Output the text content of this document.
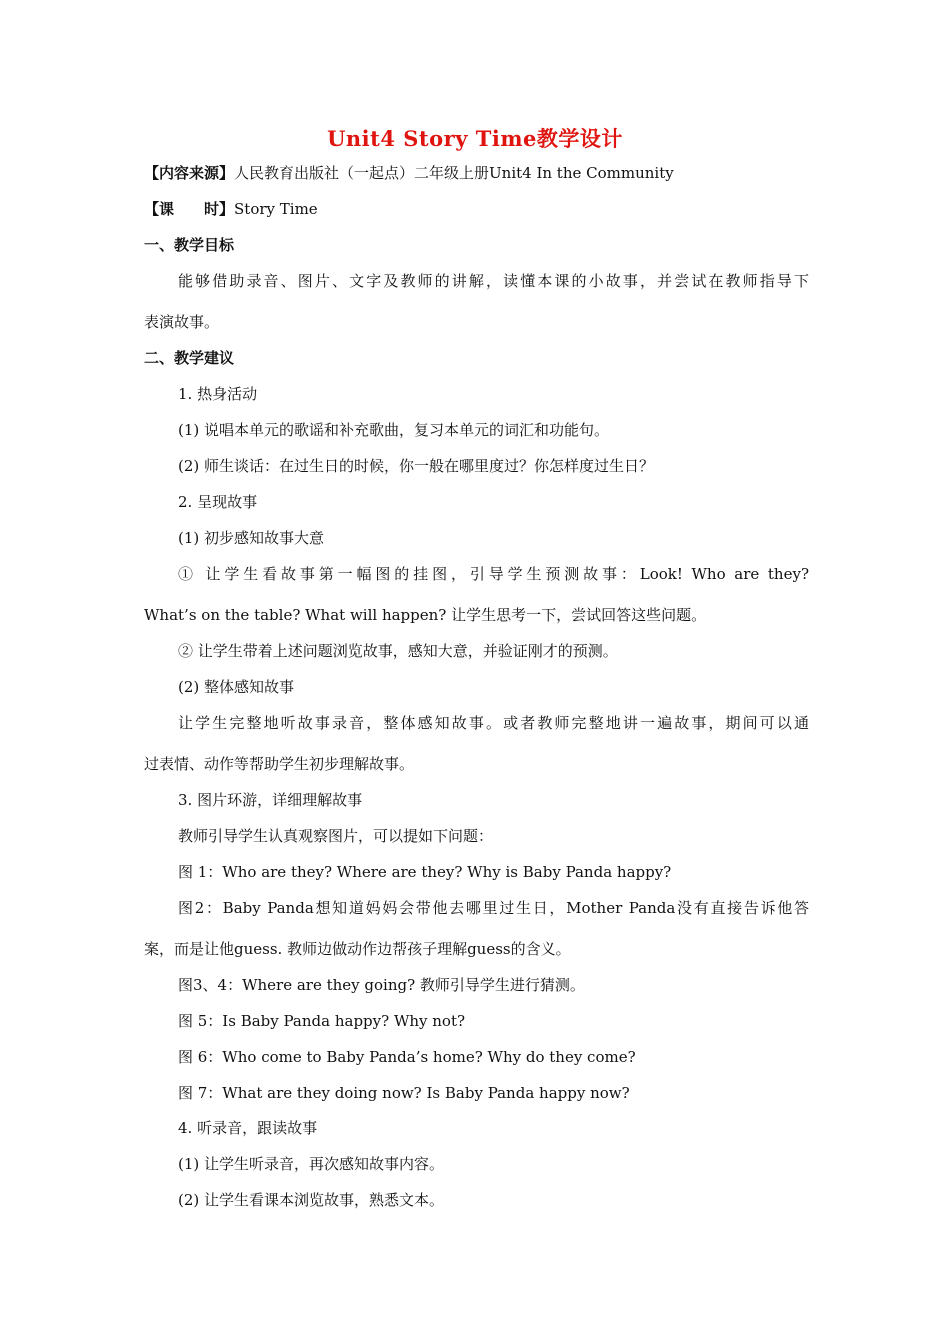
Unit4 Story Time教学设计
【内容来源】人民教育出版社（一起点）二年级上册Unit4 In the Community
【课　　时】Story Time
一、教学目标
能够借助录音、图片、文字及教师的讲解，读懂本课的小故事，并尝试在教师指导下
表演故事。
二、教学建议
1. 热身活动
(1) 说唱本单元的歌谣和补充歌曲，复习本单元的词汇和功能句。
(2) 师生谈话：在过生日的时候，你一般在哪里度过？你怎样度过生日？
2. 呈现故事
(1) 初步感知故事大意
① 让学生看故事第一幅图的挂图，引导学生预测故事：Look! Who are they?
What’s on the table? What will happen? 让学生思考一下，尝试回答这些问题。
② 让学生带着上述问题浏览故事，感知大意，并验证刚才的预测。
(2) 整体感知故事
让学生完整地听故事录音，整体感知故事。或者教师完整地讲一遍故事，期间可以通
过表情、动作等帮助学生初步理解故事。
3. 图片环游，详细理解故事
教师引导学生认真观察图片，可以提如下问题：
图 1：Who are they? Where are they? Why is Baby Panda happy?
图2：Baby Panda想知道妈妈会带他去哪里过生日，Mother Panda没有直接告诉他答
案，而是让他guess. 教师边做动作边帮孩子理解guess的含义。
图3、4：Where are they going? 教师引导学生进行猜测。
图 5：Is Baby Panda happy? Why not?
图 6：Who come to Baby Panda’s home? Why do they come?
图 7：What are they doing now? Is Baby Panda happy now?
4. 听录音，跟读故事
(1) 让学生听录音，再次感知故事内容。
(2) 让学生看课本浏览故事，熟悉文本。
